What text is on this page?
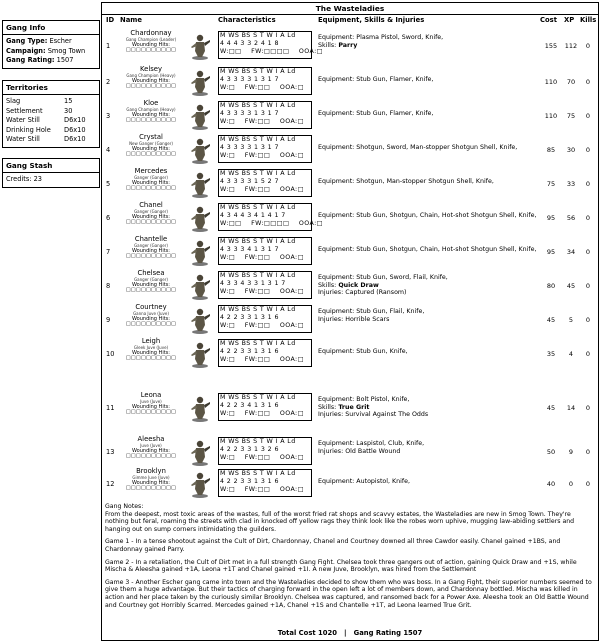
Gang Info
Gang Type: Escher
Campaign: Smog Town
Gang Rating: 1507
Territories
Slag	15
Settlement	30
Water Still	D6x10
Drinking Hole	D6x10
Water Still	D6x10
Gang Stash
Credits: 23
The Wasteladies
ID Name	Characteristics	Equipment, Skills & Injuries	Cost XP Kills
1
Chardonnay
Gang Champion (Leader)
Wounding Hits:
□□□□□□□□□□
M WS BS S T W I A Ld
4 4 4 3 3 2 4 1 8
W:□□ FW:□□□□ OOA:□
Equipment: Plasma Pistol, Sword, Knife,
Skills: Parry	155	112	0
2
Kelsey
Gang Champion (Heavy)
Wounding Hits:
□□□□□□□□□□
M WS BS S T W I A Ld
4 3 3 3 3 1 3 1 7
W:□ FW:□□ OOA:□
Equipment: Stub Gun, Flamer, Knife,	110	70	0
3
Kloe
Gang Champion (Heavy)
Wounding Hits:
□□□□□□□□□□
M WS BS S T W I A Ld
4 3 3 3 3 1 3 1 7
W:□ FW:□□ OOA:□
Equipment: Stub Gun, Flamer, Knife,	110	75	0
4
Crystal
New Ganger (Ganger)
Wounding Hits:
□□□□□□□□□□
M WS BS S T W I A Ld
4 3 3 3 3 1 3 1 7
W:□ FW:□□ OOA:□
Equipment: Shotgun, Sword, Man-stopper Shotgun Shell, Knife,	85	30	0
5
Mercedes
Ganger (Ganger)
Wounding Hits:
□□□□□□□□□□
M WS BS S T W I A Ld
4 3 3 3 3 1 5 2 7
W:□ FW:□□ OOA:□
Equipment: Shotgun, Man-stopper Shotgun Shell, Knife,	75	33	0
6
Chanel
Ganger (Ganger)
Wounding Hits:
□□□□□□□□□□
M WS BS S T W I A Ld
4 3 4 4 3 4 1 4 1 7
W:□□ FW:□□□□ OOA:□
Equipment: Stub Gun, Shotgun, Chain, Hot-shot Shotgun Shell, Knife,	95	56	0
7
Chantelle
Ganger (Ganger)
Wounding Hits:
□□□□□□□□□□
M WS BS S T W I A Ld
4 3 3 3 4 1 3 1 7
W:□ FW:□□ OOA:□
Equipment: Stub Gun, Shotgun, Chain, Hot-shot Shotgun Shell, Knife,	95	34	0
8
Chelsea
Ganger (Ganger)
Wounding Hits:
□□□□□□□□□□
M WS BS S T W I A Ld
4 3 3 4 3 3 1 3 1 7
W:□ FW:□□ OOA:□
Equipment: Stub Gun, Sword, Flail, Knife,
Skills: Quick Draw
Injuries: Captured (Ransom)
80	45	0
9
Courtney
Ganna Juve (Juve)
Wounding Hits:
□□□□□□□□□□
M WS BS S T W I A Ld
4 2 2 3 3 1 3 1 6
W:□ FW:□□ OOA:□
Equipment: Stub Gun, Flail, Knife,
Injuries: Horrible Scars	45	5	0
10
Leigh
Gleek Juve (Juve)
Wounding Hits:
□□□□□□□□□□
M WS BS S T W I A Ld
4 2 2 3 3 1 3 1 6
W:□ FW:□□ OOA:□
Equipment: Stub Gun, Knife,	35	4	0
11
Leona
Juve (Juve)
Wounding Hits:
□□□□□□□□□□
M WS BS S T W I A Ld
4 2 2 3 4 1 3 1 6
W:□ FW:□□ OOA:□
Equipment: Bolt Pistol, Knife,
Skills: True Grit
Injuries: Survival Against The Odds
45	14	0
13
Aleesha
Juve (Juve)
Wounding Hits:
□□□□□□□□□□
M WS BS S T W I A Ld
4 2 2 3 3 1 3 2 6
W:□ FW:□□ OOA:□
Equipment: Laspistol, Club, Knife,
Injuries: Old Battle Wound	50	9	0
12
Brooklyn
Gimme Juve (Juve)
Wounding Hits:
□□□□□□□□□□
M WS BS S T W I A Ld
4 2 2 3 3 1 3 1 6
W:□ FW:□□ OOA:□
Equipment: Autopistol, Knife,	40	0	0
Gang Notes:

From the deepest, most toxic areas of the wastes, full of the worst fried rat shops and scavvy estates, the Wasteladies are new in Smog Town. They're nothing but feral, roaming the streets with clad in knocked off yellow rags they think look like the robes worn uphive, mugging law-abiding settlers and hanging out on sump corners intimidating the guilders.

Game 1 - In a tense shootout against the Cult of Dirt, Chardonnay, Chanel and Courtney downed all three Cawdor easily. Chanel gained +1BS, and Chardonnay gained Parry.

Game 2 - In a retaliation, the Cult of Dirt met in a full strength Gang Fight. Chelsea took three gangers out of action, gaining Quick Draw and +1S, while Mischa & Aleesha gained +1A, Leona +1T and Chanel gained +1I. A new Juve, Brooklyn, was hired from the Settlement

Game 3 - Another Escher gang came into town and the Wasteladies decided to show them who was boss. In a Gang Fight, their superior numbers seemed to give them a huge advantage. But their tactics of charging forward in the open left a lot of members down, and Chardonnay bottled. Mischa was killed in action and her place taken by the curiously similar Brooklyn. Chelsea was captured, and ransomed back for a Power Axe. Aleesha took an Old Battle Wound and Courtney got Horribly Scarred. Mercedes gained +1A, Chanel +1S and Chantelle +1T, ad Leona learned True Grit.

Total Cost 1020 | Gang Rating 1507
